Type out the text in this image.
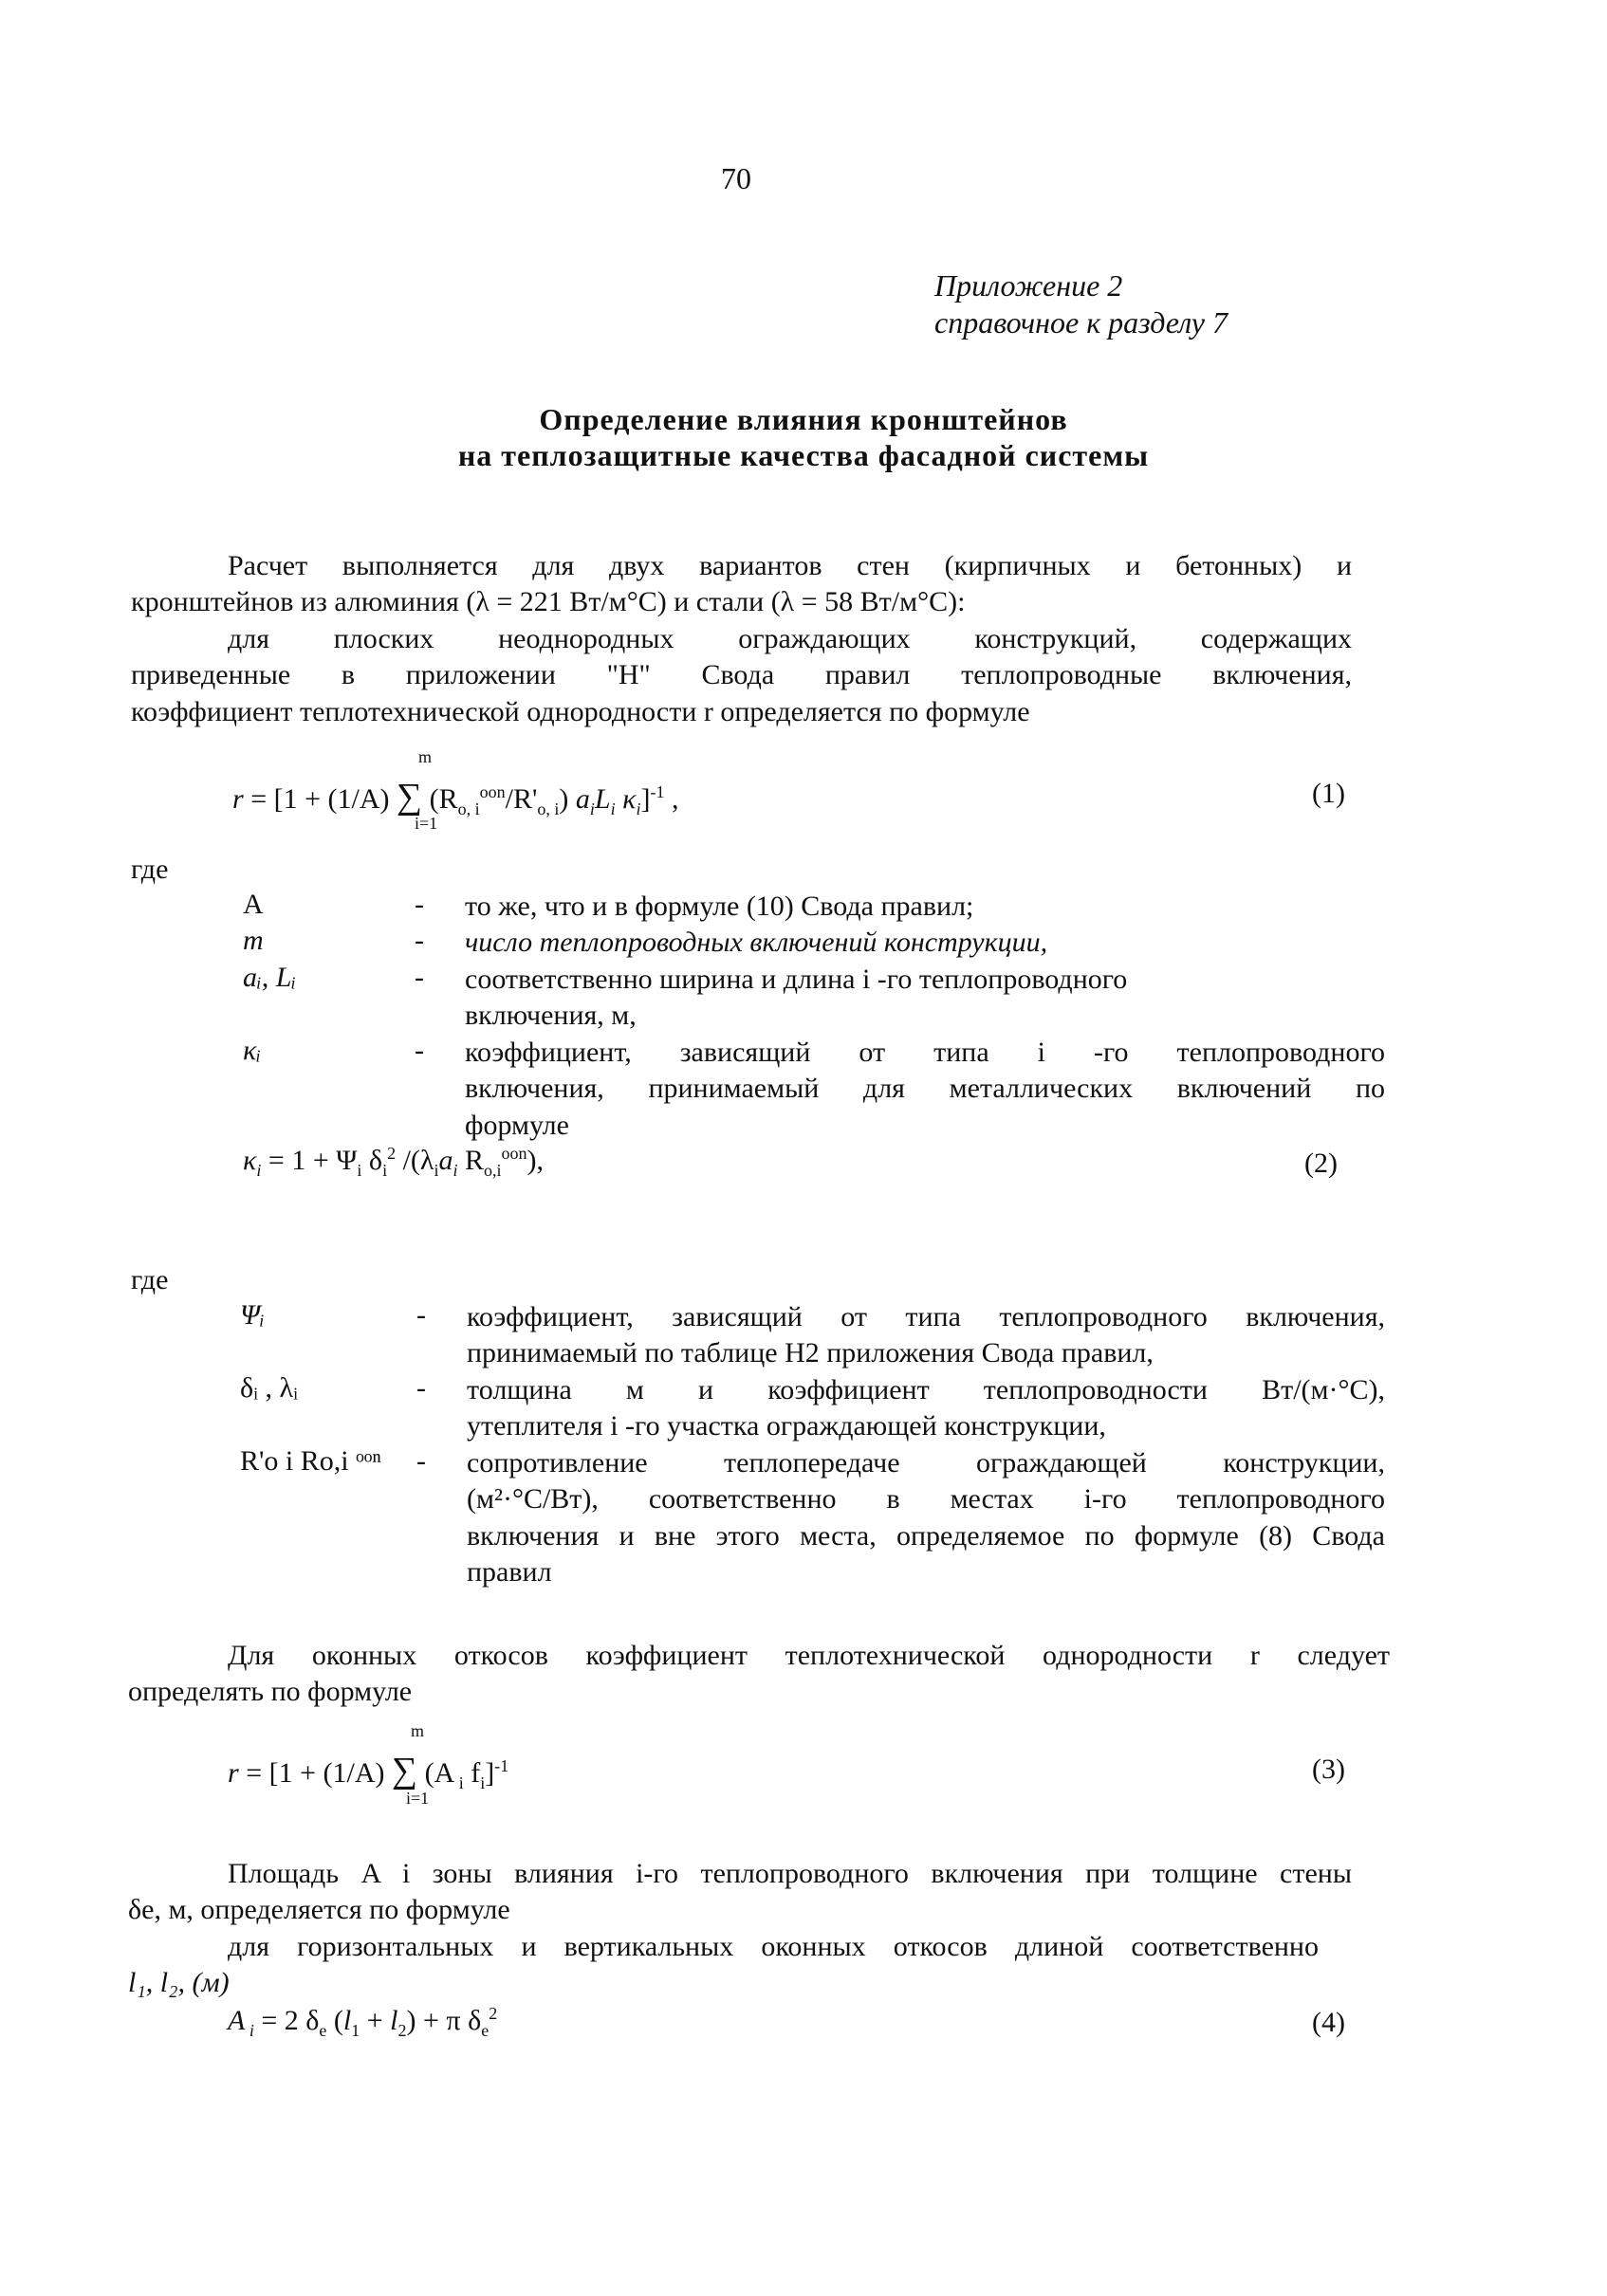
70
Приложение 2
справочное к разделу 7
Определение влияния кронштейнов
на теплозащитные качества фасадной системы
Расчет выполняется для двух вариантов стен (кирпичных и бетонных) и
кронштейнов из алюминия (λ = 221 Вт/м°С) и стали (λ = 58 Вт/м°С):
для плоских неоднородных ограждающих конструкций, содержащих
приведенные в приложении "Н" Свода правил теплопроводные включения,
коэффициент теплотехнической однородности r определяется по формуле
m
r = [1 + (1/A) ∑ $(R_{o, i}^{oon}/R'_{o, i})$ $a_iL_i$ $\kappa_i]^{-1}$ ,
i=1
(1)
где
A	- то же, что и в формуле (10) Свода правил;
m	- число теплопроводных включений конструкции,
aᵢ, Lᵢ	- соответственно ширина и длина i -го теплопроводного
включения, м,
κᵢ	- коэффициент, зависящий от типа i -го теплопроводного
включения, принимаемый для металлических включений по
формуле
$\kappa_i = 1 + \Psi_i$ $\delta_i^2$ $/(\lambda_ia_i$ $R_{o,i}^{oon}$),	(2)
где
Ψᵢ	- коэффициент, зависящий от типа теплопроводного включения,
принимаемый по таблице Н2 приложения Свода правил,
δᵢ , λᵢ	- толщина м и коэффициент теплопроводности Вт/(м·°С),
утеплителя i -го участка ограждающей конструкции,
R'о i Rо,i ᵒᵒⁿ - сопротивление теплопередаче ограждающей конструкции,
(м²·°С/Вт), соответственно в местах i-го теплопроводного
включения и вне этого места, определяемое по формуле (8) Свода
правил
Для оконных откосов коэффициент теплотехнической однородности r следует
определять по формуле
m
r = [1 + (1/A) ∑ (A $_i$ $f_i]^{-1}$
i=1
(3)
Площадь A i зоны влияния i-го теплопроводного включения при толщине стены
δе, м, определяется по формуле
для горизонтальных и вертикальных оконных откосов длиной соответственно
l₁, l₂, (м)
A $_i$ = 2 $\delta_e$ $(l_1 + l_2) + \pi$ $\delta_e^2$	(4)
